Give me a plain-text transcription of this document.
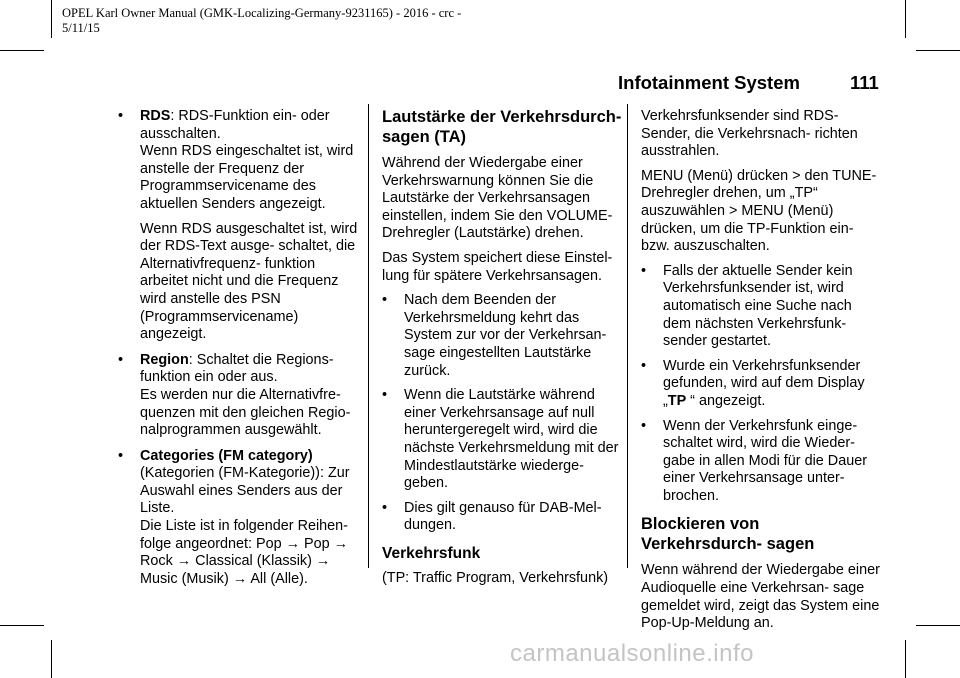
OPEL Karl Owner Manual (GMK-Localizing-Germany-9231165) - 2016 - crc -
5/11/15
Infotainment System	111
• RDS: RDS-Funktion ein- oder ausschalten.
Wenn RDS eingeschaltet ist, wird anstelle der Frequenz der Programmservicename des aktuellen Senders angezeigt.
Wenn RDS ausgeschaltet ist, wird der RDS-Text ausge- schaltet, die Alternativfrequenz- funktion arbeitet nicht und die Frequenz wird anstelle des PSN (Programmservicename) angezeigt.
• Region: Schaltet die Regions- funktion ein oder aus.
Es werden nur die Alternativfre- quenzen mit den gleichen Regio- nalprogrammen ausgewählt.
• Categories (FM category) (Kategorien (FM-Kategorie)): Zur Auswahl eines Senders aus der Liste.
Die Liste ist in folgender Reihen- folge angeordnet: Pop → Pop → Rock → Classical (Klassik) → Music (Musik) → All (Alle).
Lautstärke der Verkehrsdurch- sagen (TA)
Während der Wiedergabe einer Verkehrswarnung können Sie die Lautstärke der Verkehrsansagen einstellen, indem Sie den VOLUME-Drehregler (Lautstärke) drehen.
Das System speichert diese Einstel- lung für spätere Verkehrsansagen.
• Nach dem Beenden der Verkehrsmeldung kehrt das System zur vor der Verkehrsan- sage eingestellten Lautstärke zurück.
• Wenn die Lautstärke während einer Verkehrsansage auf null heruntergeregelt wird, wird die nächste Verkehrsmeldung mit der Mindestlautstärke wiederge- geben.
• Dies gilt genauso für DAB-Mel- dungen.
Verkehrsfunk
(TP: Traffic Program, Verkehrsfunk)
Verkehrsfunksender sind RDS-Sender, die Verkehrsnach- richten ausstrahlen.
MENU (Menü) drücken > den TUNE-Drehregler drehen, um „TP“ auszuwählen > MENU (Menü) drücken, um die TP-Funktion ein- bzw. auszuschalten.
• Falls der aktuelle Sender kein Verkehrsfunksender ist, wird automatisch eine Suche nach dem nächsten Verkehrsfunk- sender gestartet.
• Wurde ein Verkehrsfunksender gefunden, wird auf dem Display „TP “ angezeigt.
• Wenn der Verkehrsfunk einge- schaltet wird, wird die Wieder- gabe in allen Modi für die Dauer einer Verkehrsansage unter- brochen.
Blockieren von Verkehrsdurch- sagen
Wenn während der Wiedergabe einer Audioquelle eine Verkehrsan- sage gemeldet wird, zeigt das System eine Pop-Up-Meldung an.
carmanualsonline.info
